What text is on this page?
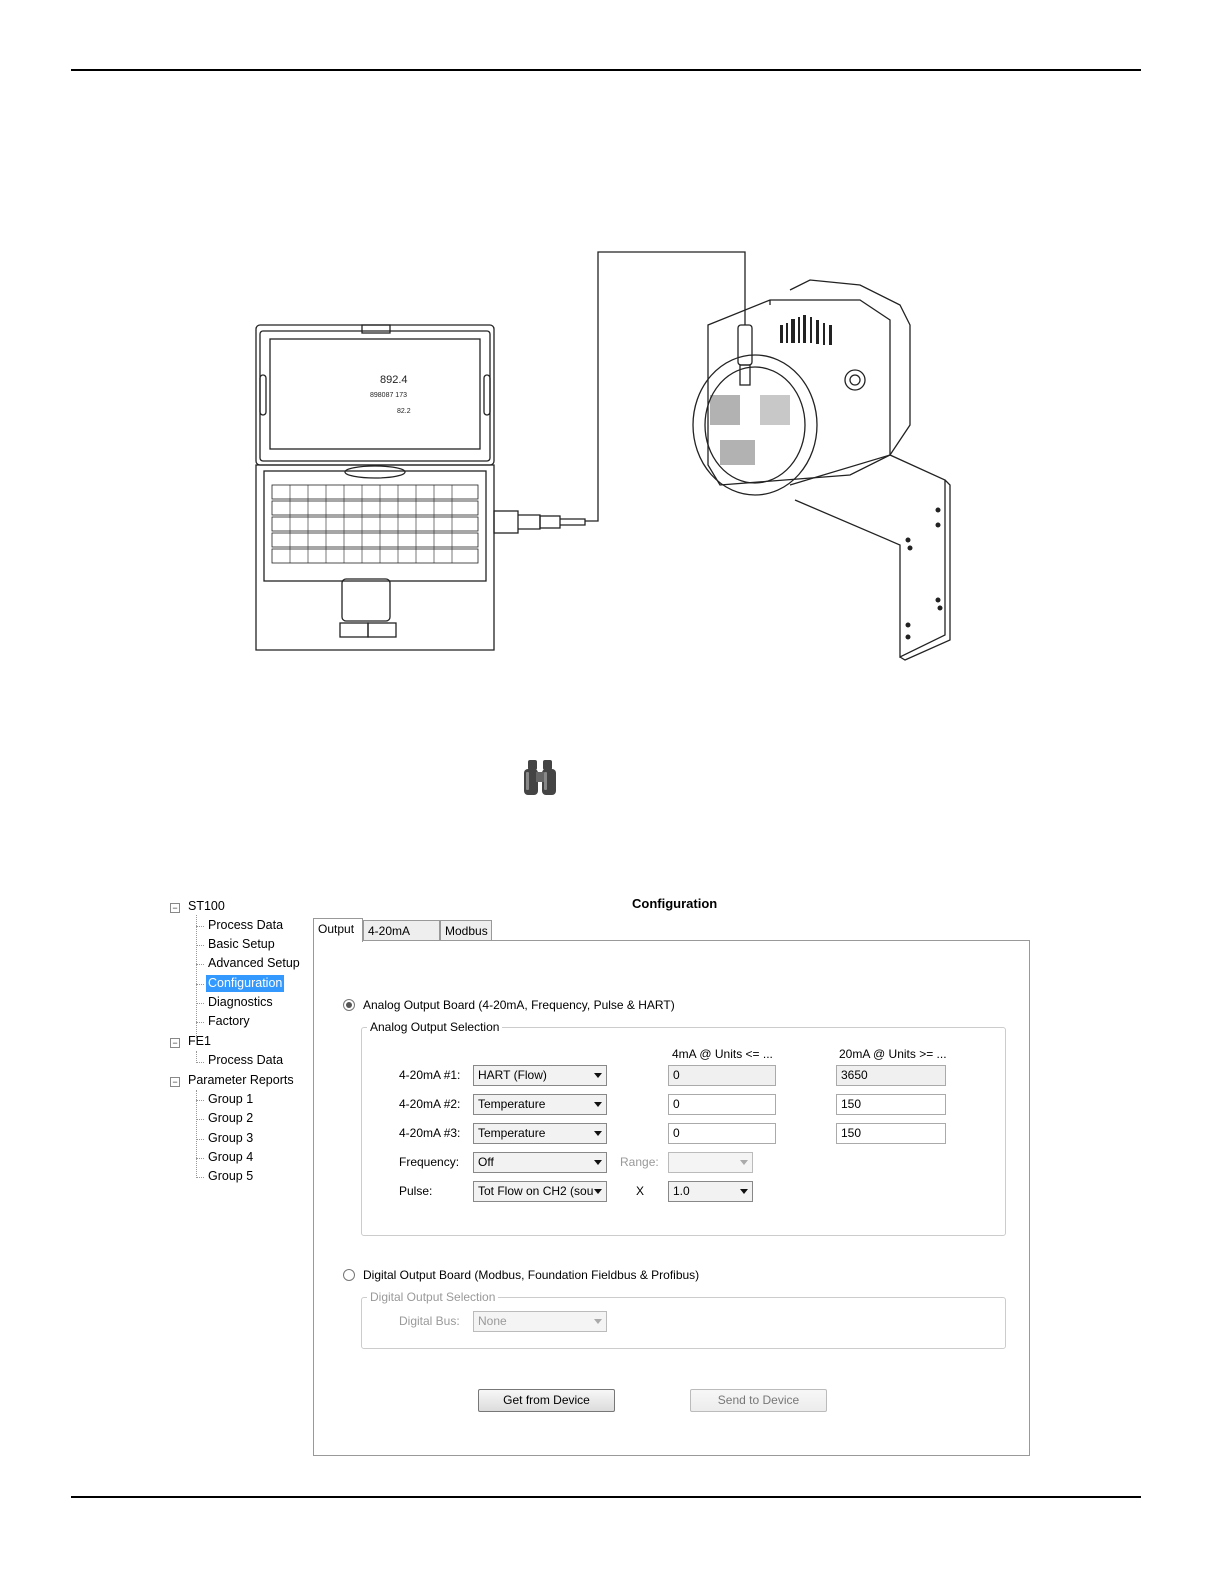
892.4
898087 173
82.2
− ST100
Process Data
Basic Setup
Advanced Setup
Configuration
Diagnostics
Factory
− FE1
Process Data
− Parameter Reports
Group 1
Group 2
Group 3
Group 4
Group 5
Configuration
Output	4-20mA	Modbus
Analog Output Board (4-20mA, Frequency, Pulse & HART)
Analog Output Selection
4mA @ Units <= ...	20mA @ Units >= ...
4-20mA #1:	HART (Flow)	0	3650
4-20mA #2:	Temperature	0	150
4-20mA #3:	Temperature	0	150
Frequency:	Off	Range:
Pulse:	Tot Flow on CH2 (sou	X	1.0
Digital Output Board (Modbus, Foundation Fieldbus & Profibus)
Digital Output Selection
Digital Bus:	None
Get from Device	Send to Device
